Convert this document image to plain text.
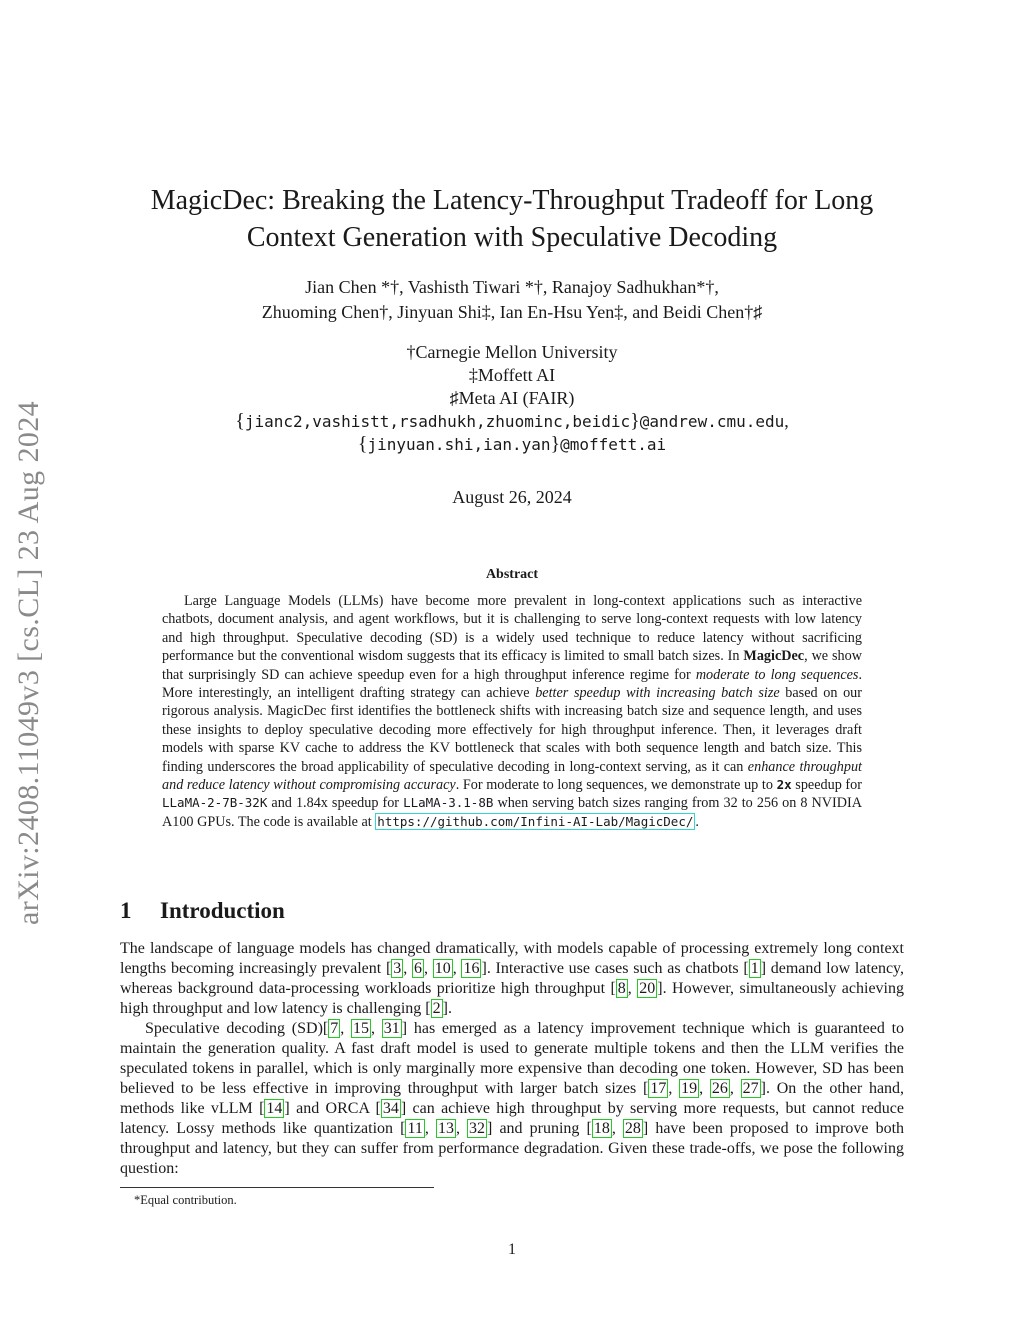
arXiv:2408.11049v3 [cs.CL] 23 Aug 2024
MagicDec: Breaking the Latency-Throughput Tradeoff for Long
Context Generation with Speculative Decoding
Jian Chen *†, Vashisth Tiwari *†, Ranajoy Sadhukhan*†,
Zhuoming Chen†, Jinyuan Shi‡, Ian En-Hsu Yen‡, and Beidi Chen†♯
†Carnegie Mellon University
‡Moffett AI
♯Meta AI (FAIR)
{jianc2,vashistt,rsadhukh,zhuominc,beidic}@andrew.cmu.edu,
{jinyuan.shi,ian.yan}@moffett.ai
August 26, 2024
Abstract

Large Language Models (LLMs) have become more prevalent in long-context applications such as interactive chatbots, document analysis, and agent workflows, but it is challenging to serve long-context requests with low latency and high throughput. Speculative decoding (SD) is a widely used technique to reduce latency without sacrificing performance but the conventional wisdom suggests that its efficacy is limited to small batch sizes. In MagicDec, we show that surprisingly SD can achieve speedup even for a high throughput inference regime for moderate to long sequences. More interestingly, an intelligent drafting strategy can achieve better speedup with increasing batch size based on our rigorous analysis. MagicDec first identifies the bottleneck shifts with increasing batch size and sequence length, and uses these insights to deploy speculative decoding more effectively for high throughput inference. Then, it leverages draft models with sparse KV cache to address the KV bottleneck that scales with both sequence length and batch size. This finding underscores the broad applicability of speculative decoding in long-context serving, as it can enhance throughput and reduce latency without compromising accuracy. For moderate to long sequences, we demonstrate up to 2x speedup for LLaMA-2-7B-32K and 1.84x speedup for LLaMA-3.1-8B when serving batch sizes ranging from 32 to 256 on 8 NVIDIA A100 GPUs. The code is available at https://github.com/Infini-AI-Lab/MagicDec/ .

1 Introduction

The landscape of language models has changed dramatically, with models capable of processing extremely long context lengths becoming increasingly prevalent [ 3 , 6 , 10 , 16 ]. Interactive use cases such as chatbots [ 1 ] demand low latency, whereas background data-processing workloads prioritize high throughput [ 8 , 20 ]. However, simultaneously achieving high throughput and low latency is challenging [ 2 ].

Speculative decoding (SD)[ 7 , 15 , 31 ] has emerged as a latency improvement technique which is guaranteed to maintain the generation quality. A fast draft model is used to generate multiple tokens and then the LLM verifies the speculated tokens in parallel, which is only marginally more expensive than decoding one token. However, SD has been believed to be less effective in improving throughput with larger batch sizes [ 17 , 19 , 26 , 27 ]. On the other hand, methods like vLLM [ 14 ] and ORCA [ 34 ] can achieve high throughput by serving more requests, but cannot reduce latency. Lossy methods like quantization [ 11 , 13 , 32 ] and pruning [ 18 , 28 ] have been proposed to improve both throughput and latency, but they can suffer from performance degradation. Given these trade-offs, we pose the following question:

*Equal contribution.
1
